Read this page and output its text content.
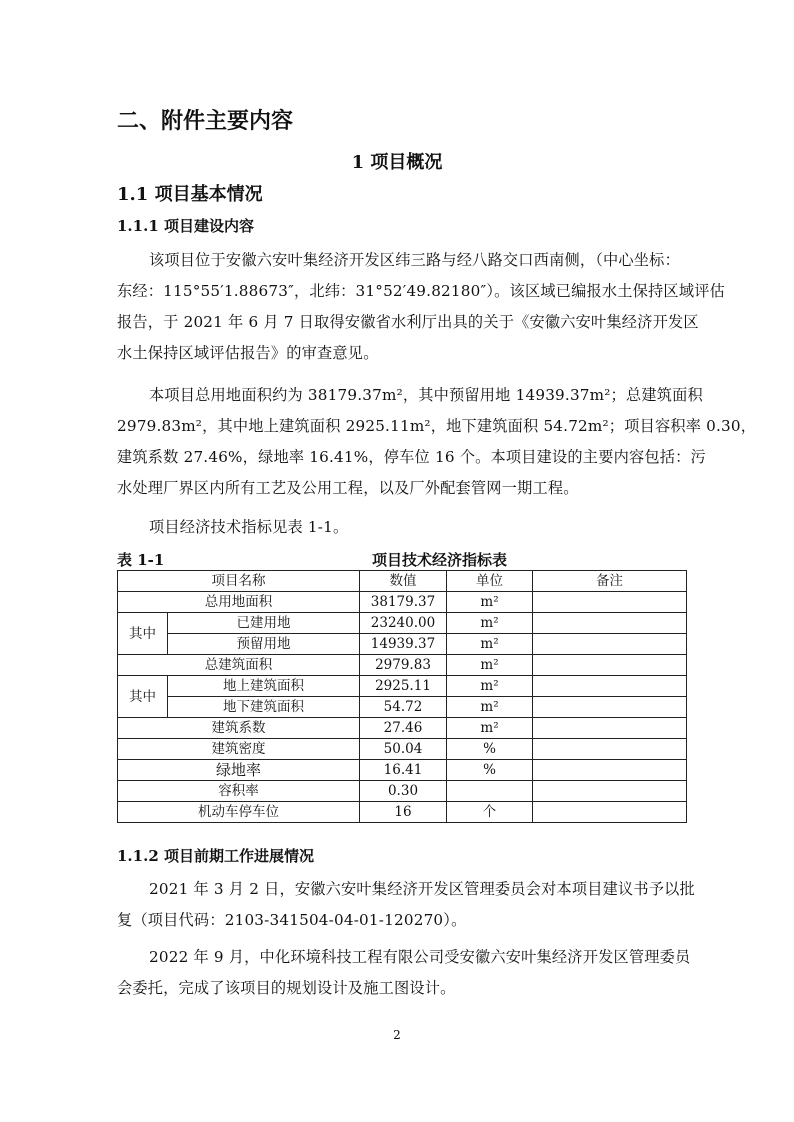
二、附件主要内容
1 项目概况
1.1 项目基本情况
1.1.1 项目建设内容
该项目位于安徽六安叶集经济开发区纬三路与经八路交口西南侧，（中心坐标：
东经：115°55′1.88673″，北纬：31°52′49.82180″）。该区域已编报水土保持区域评估
报告，于 2021 年 6 月 7 日取得安徽省水利厅出具的关于《安徽六安叶集经济开发区
水土保持区域评估报告》的审查意见。
本项目总用地面积约为 38179.37m²，其中预留用地 14939.37m²；总建筑面积
2979.83m²，其中地上建筑面积 2925.11m²，地下建筑面积 54.72m²；项目容积率 0.30，
建筑系数 27.46%，绿地率 16.41%，停车位 16 个。本项目建设的主要内容包括：污
水处理厂界区内所有工艺及公用工程，以及厂外配套管网一期工程。
项目经济技术指标见表 1-1。
表 1-1	项目技术经济指标表
项目名称		数值	单位	备注
总用地面积		38179.37	m²	
其中	已建用地	23240.00	m²	
	预留用地	14939.37	m²	
总建筑面积		2979.83	m²	
其中	地上建筑面积	2925.11	m²	
	地下建筑面积	54.72	m²	
建筑系数		27.46	m²	
建筑密度		50.04	%	
绿地率		16.41	%	
容积率		0.30		
机动车停车位		16	个	
1.1.2 项目前期工作进展情况
2021 年 3 月 2 日，安徽六安叶集经济开发区管理委员会对本项目建议书予以批
复（项目代码：2103-341504-04-01-120270）。
2022 年 9 月，中化环境科技工程有限公司受安徽六安叶集经济开发区管理委员
会委托，完成了该项目的规划设计及施工图设计。
2
